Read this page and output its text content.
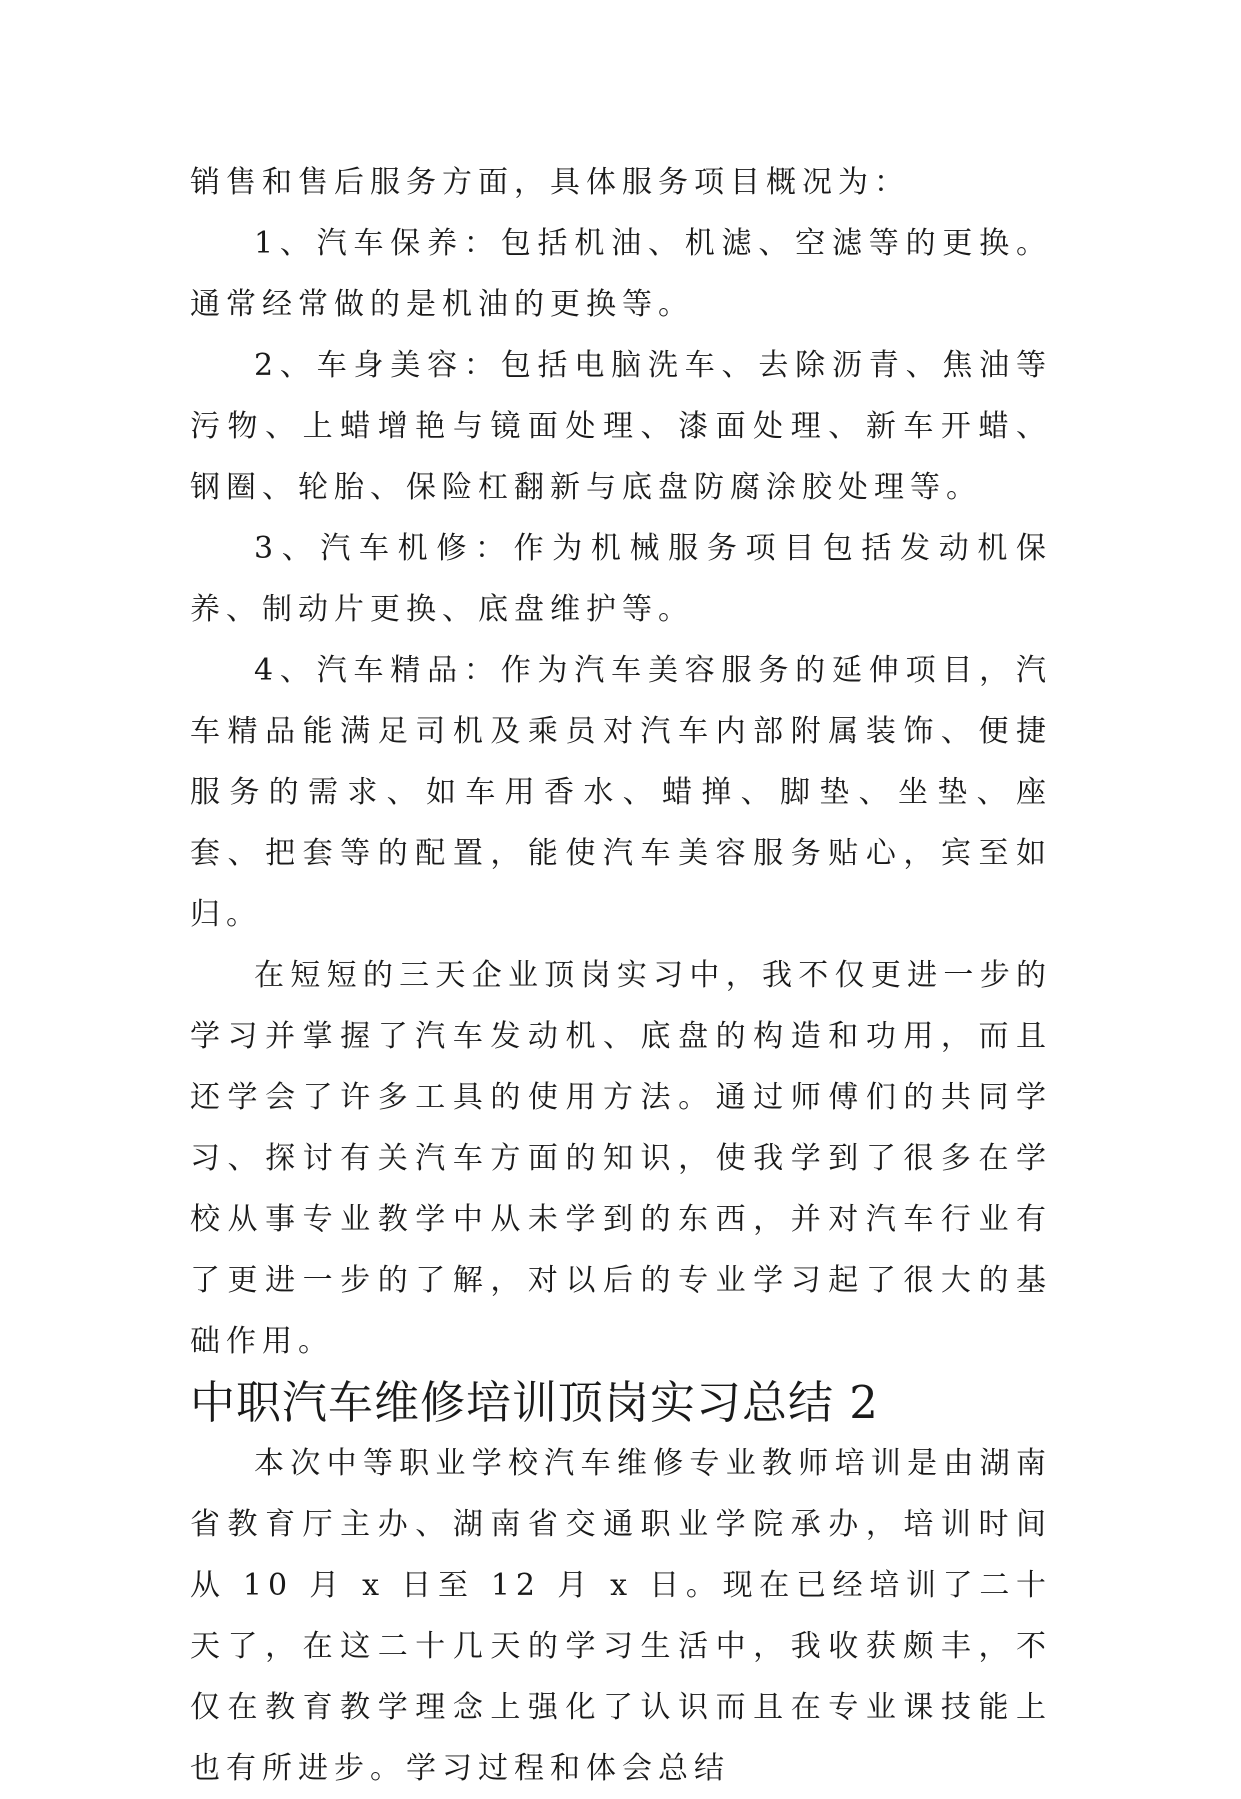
销售和售后服务方面，具体服务项目概况为：

1、汽车保养：包括机油、机滤、空滤等的更换。通常经常做的是机油的更换等。

2、车身美容：包括电脑洗车、去除沥青、焦油等污物、上蜡增艳与镜面处理、漆面处理、新车开蜡、钢圈、轮胎、保险杠翻新与底盘防腐涂胶处理等。

3、汽车机修：作为机械服务项目包括发动机保养、制动片更换、底盘维护等。

4、汽车精品：作为汽车美容服务的延伸项目，汽车精品能满足司机及乘员对汽车内部附属装饰、便捷服务的需求、如车用香水、蜡掸、脚垫、坐垫、座套、把套等的配置，能使汽车美容服务贴心，宾至如归。

在短短的三天企业顶岗实习中，我不仅更进一步的学习并掌握了汽车发动机、底盘的构造和功用，而且还学会了许多工具的使用方法。通过师傅们的共同学习、探讨有关汽车方面的知识，使我学到了很多在学校从事专业教学中从未学到的东西，并对汽车行业有了更进一步的了解，对以后的专业学习起了很大的基础作用。

中职汽车维修培训顶岗实习总结 2

本次中等职业学校汽车维修专业教师培训是由湖南省教育厅主办、湖南省交通职业学院承办，培训时间从 10 月 x 日至 12 月 x 日。现在已经培训了二十天了，在这二十几天的学习生活中，我收获颇丰，不仅在教育教学理念上强化了认识而且在专业课技能上也有所进步。学习过程和体会总结
